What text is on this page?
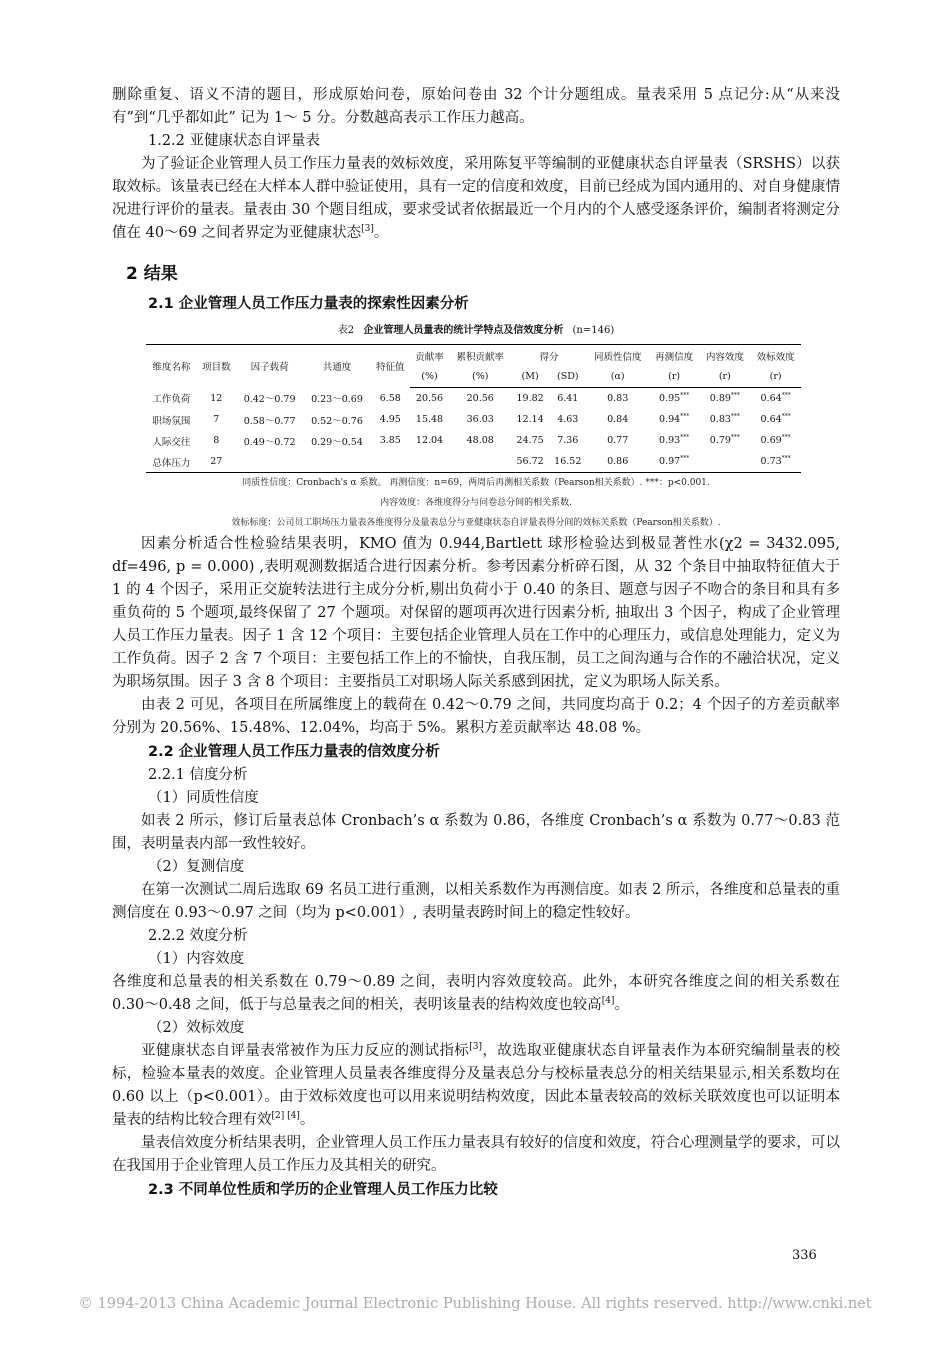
删除重复、语义不清的题目，形成原始问卷，原始问卷由 32 个计分题组成。量表采用 5 点记分:从“从来没有”到“几乎都如此” 记为 1～ 5 分。分数越高表示工作压力越高。

1.2.2 亚健康状态自评量表

为了验证企业管理人员工作压力量表的效标效度，采用陈复平等编制的亚健康状态自评量表（SRSHS）以获取效标。该量表已经在大样本人群中验证使用，具有一定的信度和效度，目前已经成为国内通用的、对自身健康情况进行评价的量表。量表由 30 个题目组成，要求受试者依据最近一个月内的个人感受逐条评价，编制者将测定分值在 40～69 之间者界定为亚健康状态[3]。

2 结果
2.1 企业管理人员工作压力量表的探索性因素分析
表2 企业管理人员量表的统计学特点及信效度分析 (n=146)
维度名称	项目数	因子载荷	共通度	特征值	贡献率	累积贡献率	得分		同质性信度	再测信度	内容效度	效标效度
					(%)	(%)	(M)	(SD)	(α)	(r)	(r)	(r)
工作负荷	12	0.42～0.79	0.23～0.69	6.58	20.56	20.56	19.82	6.41	0.83	0.95***	0.89***	0.64***
职场氛围	7	0.58～0.77	0.52～0.76	4.95	15.48	36.03	12.14	4.63	0.84	0.94***	0.83***	0.64***
人际交往	8	0.49～0.72	0.29～0.54	3.85	12.04	48.08	24.75	7.36	0.77	0.93***	0.79***	0.69***
总体压力	27						56.72	16.52	0.86	0.97***		0.73***
同质性信度：Cronbach's α 系数。 再测信度：n=69，两周后再测相关系数（Pearson相关系数）. ***：p<0.001.
内容效度：各维度得分与问卷总分间的相关系数.
效标标度：公司员工职场压力量表各维度得分及量表总分与亚健康状态自评量表得分间的效标关系数（Pearson相关系数）.

因素分析适合性检验结果表明，KMO 值为 0.944,Bartlett 球形检验达到极显著性水(χ2 = 3432.095, df=496, p = 0.000) ,表明观测数据适合进行因素分析。参考因素分析碎石图，从 32 个条目中抽取特征值大于 1 的 4 个因子，采用正交旋转法进行主成分分析,剔出负荷小于 0.40 的条目、题意与因子不吻合的条目和具有多重负荷的 5 个题项,最终保留了 27 个题项。对保留的题项再次进行因素分析, 抽取出 3 个因子，构成了企业管理人员工作压力量表。因子 1 含 12 个项目：主要包括企业管理人员在工作中的心理压力，或信息处理能力，定义为工作负荷。因子 2 含 7 个项目：主要包括工作上的不愉快，自我压制，员工之间沟通与合作的不融洽状况，定义为职场氛围。因子 3 含 8 个项目：主要指员工对职场人际关系感到困扰，定义为职场人际关系。

由表 2 可见，各项目在所属维度上的载荷在 0.42～0.79 之间，共同度均高于 0.2；4 个因子的方差贡献率分别为 20.56%、15.48%、12.04%，均高于 5%。累积方差贡献率达 48.08 %。

2.2 企业管理人员工作压力量表的信效度分析

2.2.1 信度分析

（1）同质性信度

如表 2 所示，修订后量表总体 Cronbach’s α 系数为 0.86，各维度 Cronbach’s α 系数为 0.77～0.83 范围，表明量表内部一致性较好。

（2）复测信度

在第一次测试二周后选取 69 名员工进行重测，以相关系数作为再测信度。如表 2 所示，各维度和总量表的重测信度在 0.93～0.97 之间（均为 p<0.001）, 表明量表跨时间上的稳定性较好。

2.2.2 效度分析

（1）内容效度

各维度和总量表的相关系数在 0.79～0.89 之间，表明内容效度较高。此外，本研究各维度之间的相关系数在 0.30～0.48 之间，低于与总量表之间的相关，表明该量表的结构效度也较高[4]。

（2）效标效度

亚健康状态自评量表常被作为压力反应的测试指标[3]，故选取亚健康状态自评量表作为本研究编制量表的校标，检验本量表的效度。企业管理人员量表各维度得分及量表总分与校标量表总分的相关结果显示,相关系数均在 0.60 以上（p<0.001）。由于效标效度也可以用来说明结构效度，因此本量表较高的效标关联效度也可以证明本量表的结构比较合理有效[2] [4]。

量表信效度分析结果表明，企业管理人员工作压力量表具有较好的信度和效度，符合心理测量学的要求，可以在我国用于企业管理人员工作压力及其相关的研究。

2.3 不同单位性质和学历的企业管理人员工作压力比较
336
© 1994-2013 China Academic Journal Electronic Publishing House. All rights reserved. http://www.cnki.net
